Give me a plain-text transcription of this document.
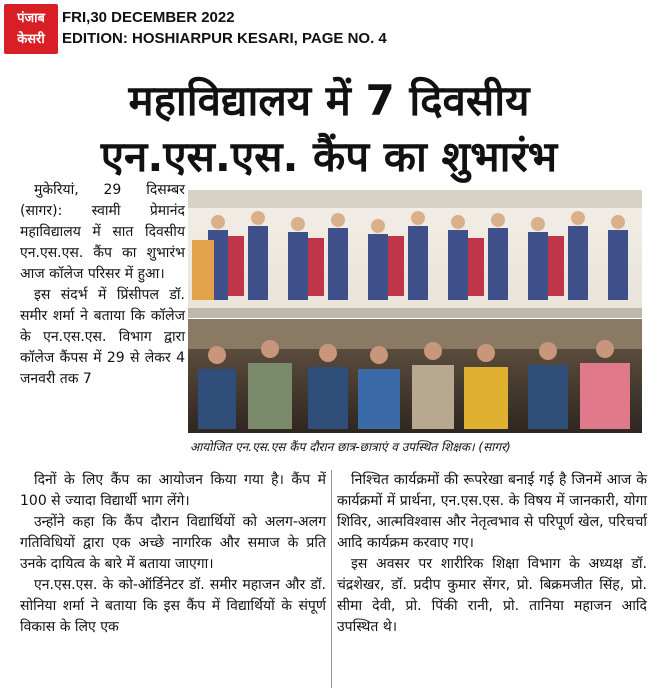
पंजाब
केसरी
FRI,30 DECEMBER 2022
EDITION: HOSHIARPUR KESARI, PAGE NO. 4
महाविद्यालय में 7 दिवसीय
एन.एस.एस. कैंप का शुभारंभ

मुकेरियां, 29 दिसम्बर (सागर): स्वामी प्रेमानंद महाविद्यालय में सात दिवसीय एन.एस.एस. कैंप का शुभारंभ आज कॉलेज परिसर में हुआ।

इस संदर्भ में प्रिंसीपल डॉ. समीर शर्मा ने बताया कि कॉलेज के एन.एस.एस. विभाग द्वारा कॉलेज कैंपस में 29 से लेकर 4 जनवरी तक 7

आयोजित एन.एस.एस कैंप दौरान छात्र-छात्राएं व उपस्थित शिक्षक। (सागर)

दिनों के लिए कैंप का आयोजन किया गया है। कैंप में 100 से ज्यादा विद्यार्थी भाग लेंगे।

उन्होंने कहा कि कैंप दौरान विद्यार्थियों को अलग-अलग गतिविधियों द्वारा एक अच्छे नागरिक और समाज के प्रति उनके दायित्व के बारे में बताया जाएगा।

एन.एस.एस. के को-ऑर्डिनेटर डॉ. समीर महाजन और डॉ. सोनिया शर्मा ने बताया कि इस कैंप में विद्यार्थियों के संपूर्ण विकास के लिए एक

निश्चित कार्यक्रमों की रूपरेखा बनाई गई है जिनमें आज के कार्यक्रमों में प्रार्थना, एन.एस.एस. के विषय में जानकारी, योगा शिविर, आत्मविश्वास और नेतृत्वभाव से परिपूर्ण खेल, परिचर्चा आदि कार्यक्रम करवाए गए।

इस अवसर पर शारीरिक शिक्षा विभाग के अध्यक्ष डॉ. चंद्रशेखर, डॉ. प्रदीप कुमार सेंगर, प्रो. बिक्रमजीत सिंह, प्रो. सीमा देवी, प्रो. पिंकी रानी, प्रो. तानिया महाजन आदि उपस्थित थे।
